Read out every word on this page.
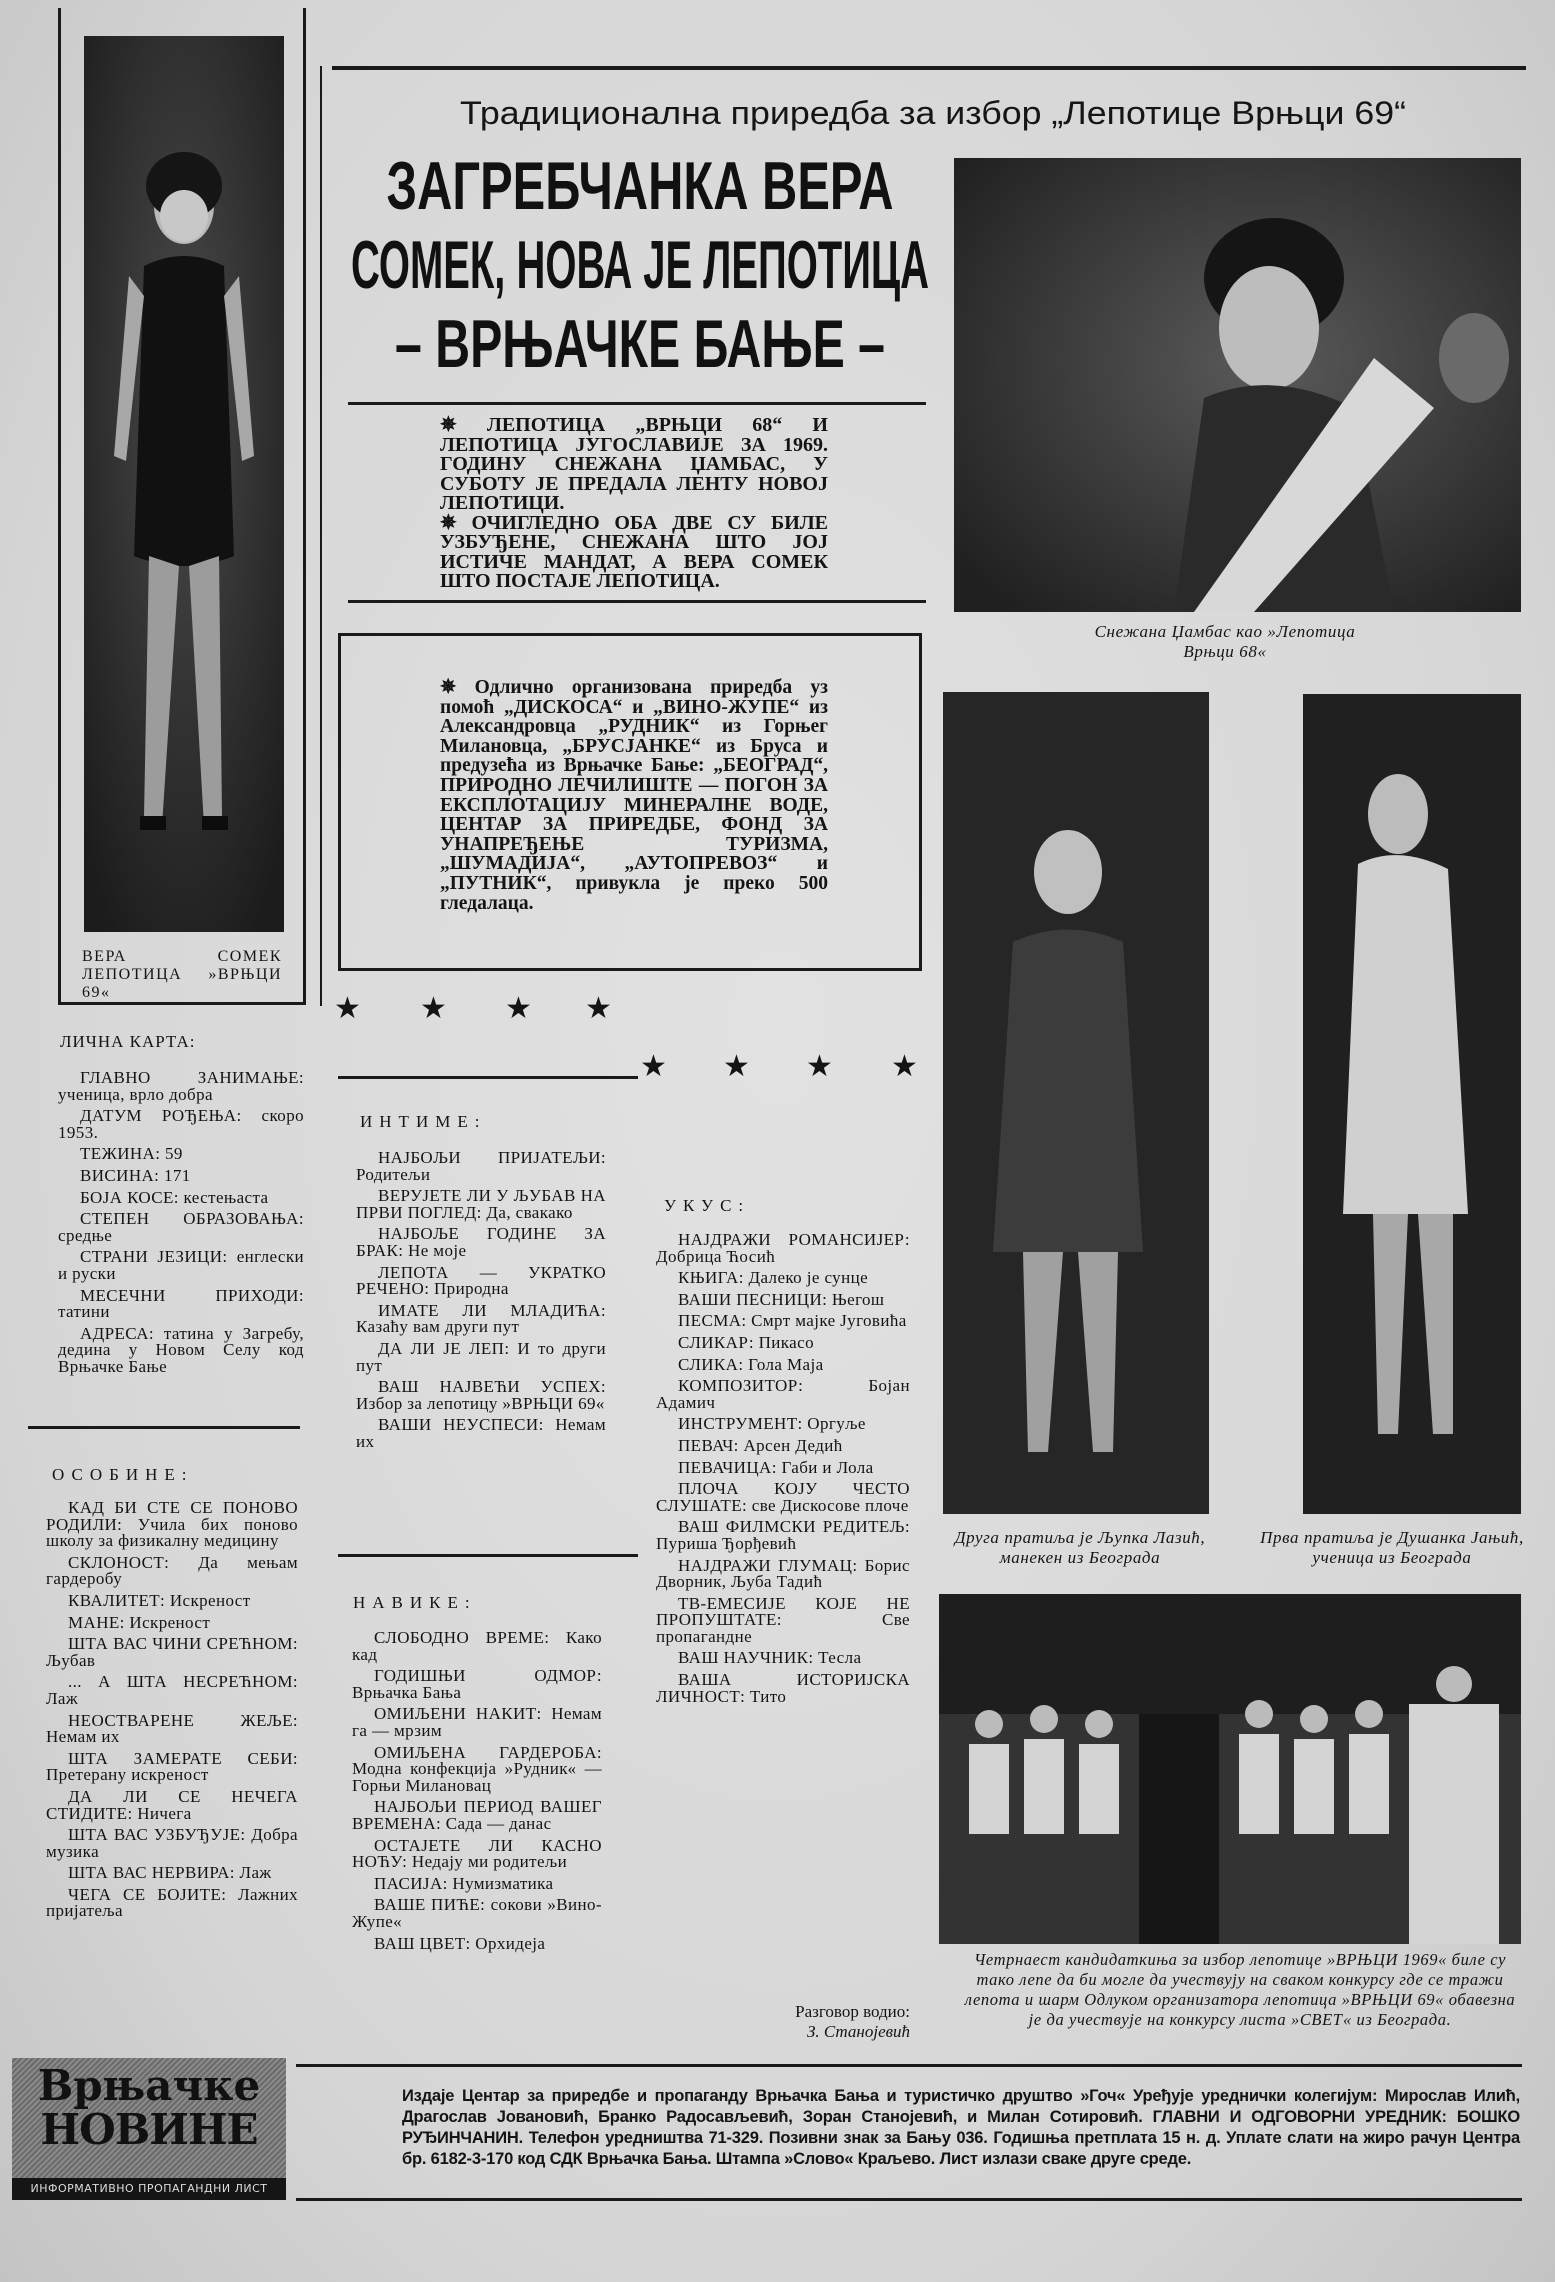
ВЕРА СОМЕК ЛЕПОТИЦА »ВРЊЦИ 69«
Традиционална приредба за избор „Лепотице Врњци 69“
ЗАГРЕБЧАНКА ВЕРА
СОМЕК, НОВА ЈЕ ЛЕПОТИЦА
– ВРЊАЧКЕ БАЊЕ –
✵ ЛЕПОТИЦА „ВРЊЦИ 68“ И ЛЕПОТИЦА ЈУГОСЛАВИЈЕ ЗА 1969. ГОДИНУ СНЕЖАНА ЏАМБАС, У СУБОТУ ЈЕ ПРЕДАЛА ЛЕНТУ НОВОЈ ЛЕПОТИЦИ.
✵ ОЧИГЛЕДНО ОБА ДВЕ СУ БИЛЕ УЗБУЂЕНЕ, СНЕЖАНА ШТО ЈОЈ ИСТИЧЕ МАНДАТ, А ВЕРА СОМЕК ШТО ПОСТАЈЕ ЛЕПОТИЦА.
✵ Одлично организована приредба уз помоћ „ДИСКОСА“ и „ВИНО-ЖУПЕ“ из Александровца „РУДНИК“ из Горњег Милановца, „БРУСЈАНКЕ“ из Бруса и предузећа из Врњачке Бање: „БЕОГРАД“, ПРИРОДНО ЛЕЧИЛИШТЕ — ПОГОН ЗА ЕКСПЛОТАЦИЈУ МИНЕРАЛНЕ ВОДЕ, ЦЕНТАР ЗА ПРИРЕДБЕ, ФОНД ЗА УНАПРЕЂЕЊЕ ТУРИЗМА, „ШУМАДИЈА“, „АУТОПРЕВОЗ“ и „ПУТНИК“, привукла је преко 500 гледалаца.
★ ★ ★ ★
★ ★ ★ ★
Снежана Џамбас као »Лепотица Врњци 68«
Друга пратиља је Љупка Лазић, манекен из Београда
Прва пратиља је Душанка Јањић, ученица из Београда
Четрнаест кандидаткиња за избор лепотице »ВРЊЦИ 1969« биле су тако лепе да би могле да учествују на сваком конкурсу где се тражи лепота и шарм Одлуком организатора лепотица »ВРЊЦИ 69« обавезна је да учествује на конкурсу листа »СВЕТ« из Београда.
ЛИЧНА КАРТА:

ГЛАВНО ЗАНИМАЊЕ: ученица, врло добра

ДАТУМ РОЂЕЊА: скоро 1953.

ТЕЖИНА: 59

ВИСИНА: 171

БОЈА КОСЕ: кестењаста

СТЕПЕН ОБРАЗОВАЊА: средње

СТРАНИ ЈЕЗИЦИ: енглески и руски

МЕСЕЧНИ ПРИХОДИ: татини

АДРЕСА: татина у Загребу, дедина у Новом Селу код Врњачке Бање

ОСОБИНЕ:

КАД БИ СТЕ СЕ ПОНОВО РОДИЛИ: Учила бих поново школу за физикалну медицину

СКЛОНОСТ: Да мењам гардеробу

КВАЛИТЕТ: Искреност

МАНЕ: Искреност

ШТА ВАС ЧИНИ СРЕЋНОМ: Љубав

... А ШТА НЕСРЕЋНОМ: Лаж

НЕОСТВАРЕНЕ ЖЕЉЕ: Немам их

ШТА ЗАМЕРАТЕ СЕБИ: Претерану искреност

ДА ЛИ СЕ НЕЧЕГА СТИДИТЕ: Ничега

ШТА ВАС УЗБУЂУЈЕ: Добра музика

ШТА ВАС НЕРВИРА: Лаж

ЧЕГА СЕ БОЈИТЕ: Лажних пријатеља

ИНТИМЕ:

НАЈБОЉИ ПРИЈАТЕЉИ: Родитељи

ВЕРУЈЕТЕ ЛИ У ЉУБАВ НА ПРВИ ПОГЛЕД: Да, свакако

НАЈБОЉЕ ГОДИНЕ ЗА БРАК: Не моје

ЛЕПОТА — УКРАТКО РЕЧЕНО: Природна

ИМАТЕ ЛИ МЛАДИЋА: Казаћу вам други пут

ДА ЛИ ЈЕ ЛЕП: И то други пут

ВАШ НАЈВЕЋИ УСПЕХ: Избор за лепотицу »ВРЊЦИ 69«

ВАШИ НЕУСПЕСИ: Немам их

НАВИКЕ:

СЛОБОДНО ВРЕМЕ: Како кад

ГОДИШЊИ ОДМОР: Врњачка Бања

ОМИЉЕНИ НАКИТ: Немам га — мрзим

ОМИЉЕНА ГАРДЕРОБА: Модна конфекција »Рудник« — Горњи Милановац

НАЈБОЉИ ПЕРИОД ВАШЕГ ВРЕМЕНА: Сада — данас

ОСТАЈЕТЕ ЛИ КАСНО НОЋУ: Недају ми родитељи

ПАСИЈА: Нумизматика

ВАШЕ ПИЋЕ: сокови »Вино-Жупе«

ВАШ ЦВЕТ: Орхидеја

УКУС:

НАЈДРАЖИ РОМАНСИЈЕР: Добрица Ћосић

КЊИГА: Далеко је сунце

ВАШИ ПЕСНИЦИ: Његош

ПЕСМА: Смрт мајке Југовића

СЛИКАР: Пикасо

СЛИКА: Гола Маја

КОМПОЗИТОР: Бојан Адамич

ИНСТРУМЕНТ: Оргуље

ПЕВАЧ: Арсен Дедић

ПЕВАЧИЦА: Габи и Лола

ПЛОЧА КОЈУ ЧЕСТО СЛУШАТЕ: све Дискосове плоче

ВАШ ФИЛМСКИ РЕДИТЕЉ: Пуриша Ђорђевић

НАЈДРАЖИ ГЛУМАЦ: Борис Дворник, Љуба Тадић

ТВ-ЕМЕСИЈЕ КОЈЕ НЕ ПРОПУШТАТЕ: Све пропагандне

ВАШ НАУЧНИК: Тесла

ВАША ИСТОРИЈСКА ЛИЧНОСТ: Тито

Разговор водио:
З. Станојевић
Врњачке
НОВИНЕ
ИНФОРМАТИВНО ПРОПАГАНДНИ ЛИСТ
Издаје Центар за приредбе и пропаганду Врњачка Бања и туристичко друштво »Гоч« Уређује уреднички колегијум: Мирослав Илић, Драгослав Јовановић, Бранко Радосављевић, Зоран Станојевић, и Милан Сотировић. ГЛАВНИ И ОДГОВОРНИ УРЕДНИК: БОШКО РУЂИНЧАНИН. Телефон уредништва 71-329. Позивни знак за Бању 036. Годишња претплата 15 н. д. Уплате слати на жиро рачун Центра бр. 6182-3-170 код СДК Врњачка Бања. Штампа »Слово« Краљево. Лист излази сваке друге среде.
